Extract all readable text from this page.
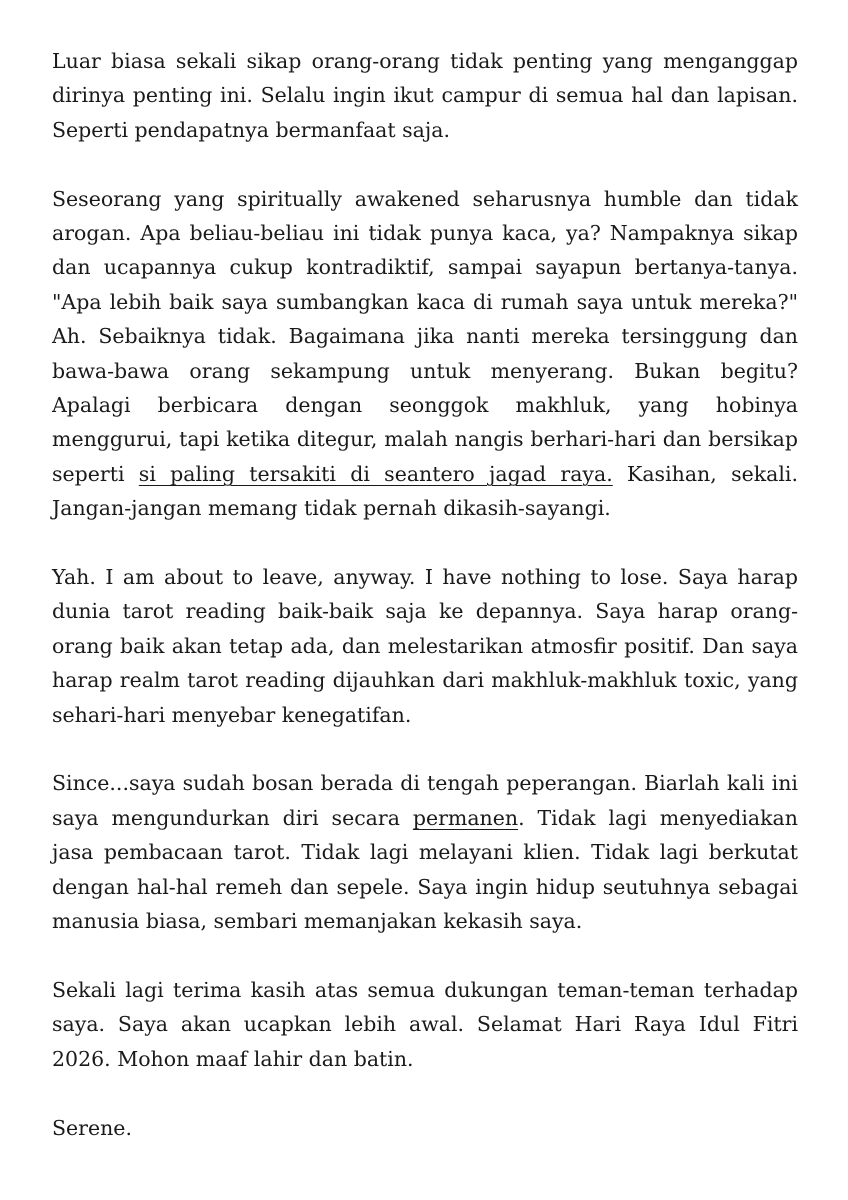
Luar biasa sekali sikap orang-orang tidak penting yang menganggap dirinya penting ini. Selalu ingin ikut campur di semua hal dan lapisan. Seperti pendapatnya bermanfaat saja.

Seseorang yang spiritually awakened seharusnya humble dan tidak arogan. Apa beliau-beliau ini tidak punya kaca, ya? Nampaknya sikap dan ucapannya cukup kontradiktif, sampai sayapun bertanya-tanya. "Apa lebih baik saya sumbangkan kaca di rumah saya untuk mereka?" Ah. Sebaiknya tidak. Bagaimana jika nanti mereka tersinggung dan bawa-bawa orang sekampung untuk menyerang. Bukan begitu? Apalagi berbicara dengan seonggok makhluk, yang hobinya menggurui, tapi ketika ditegur, malah nangis berhari-hari dan bersikap seperti si paling tersakiti di seantero jagad raya. Kasihan, sekali. Jangan-jangan memang tidak pernah dikasih-sayangi.

Yah. I am about to leave, anyway. I have nothing to lose. Saya harap dunia tarot reading baik-baik saja ke depannya. Saya harap orang-orang baik akan tetap ada, dan melestarikan atmosfir positif. Dan saya harap realm tarot reading dijauhkan dari makhluk-makhluk toxic, yang sehari-hari menyebar kenegatifan.

Since...saya sudah bosan berada di tengah peperangan. Biarlah kali ini saya mengundurkan diri secara permanen. Tidak lagi menyediakan jasa pembacaan tarot. Tidak lagi melayani klien. Tidak lagi berkutat dengan hal-hal remeh dan sepele. Saya ingin hidup seutuhnya sebagai manusia biasa, sembari memanjakan kekasih saya.

Sekali lagi terima kasih atas semua dukungan teman-teman terhadap saya. Saya akan ucapkan lebih awal. Selamat Hari Raya Idul Fitri 2026. Mohon maaf lahir dan batin.

Serene.
